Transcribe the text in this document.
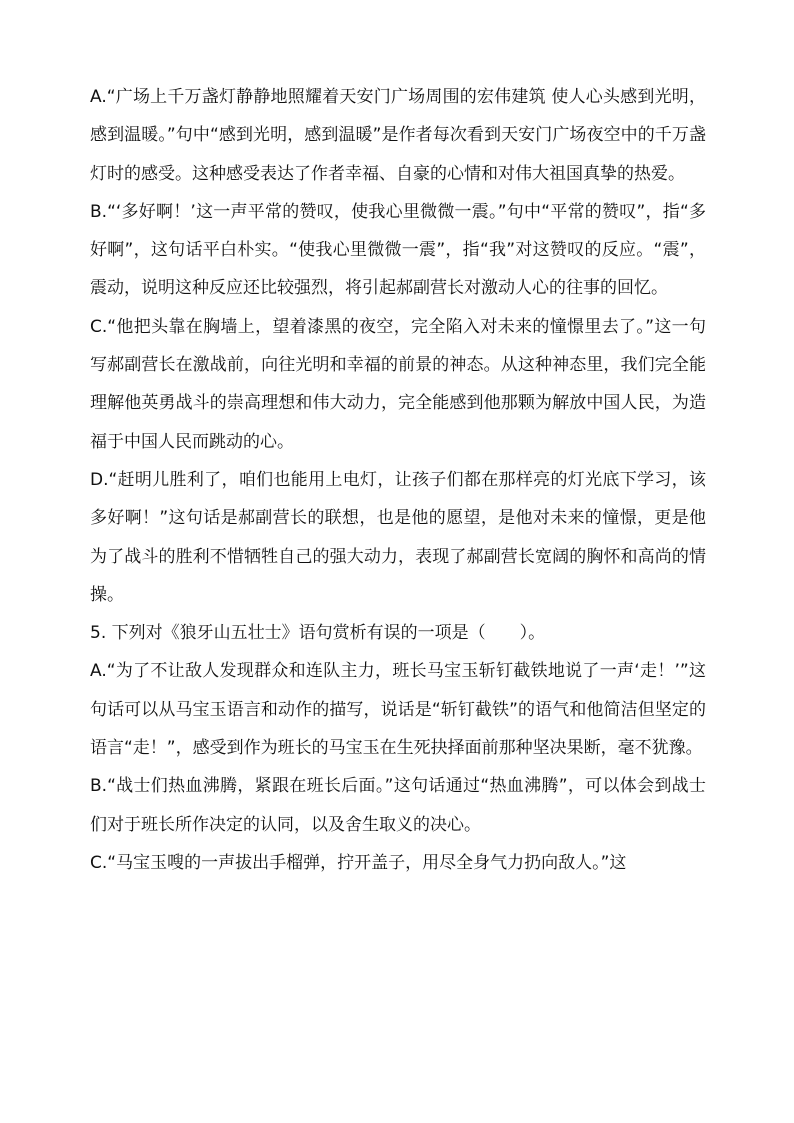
A.“广场上千万盏灯静静地照耀着天安门广场周围的宏伟建筑 使人心头感到光明，感到温暖。”句中“感到光明，感到温暖”是作者每次看到天安门广场夜空中的千万盏灯时的感受。这种感受表达了作者幸福、自豪的心情和对伟大祖国真挚的热爱。

B.“‘多好啊！’这一声平常的赞叹，使我心里微微一震。”句中“平常的赞叹”，指“多好啊”，这句话平白朴实。“使我心里微微一震”，指“我”对这赞叹的反应。“震”，震动，说明这种反应还比较强烈，将引起郝副营长对激动人心的往事的回忆。

C.“他把头靠在胸墙上，望着漆黑的夜空，完全陷入对未来的憧憬里去了。”这一句写郝副营长在激战前，向往光明和幸福的前景的神态。从这种神态里，我们完全能理解他英勇战斗的崇高理想和伟大动力，完全能感到他那颗为解放中国人民，为造福于中国人民而跳动的心。

D.“赶明儿胜利了，咱们也能用上电灯，让孩子们都在那样亮的灯光底下学习，该多好啊！”这句话是郝副营长的联想，也是他的愿望，是他对未来的憧憬，更是他为了战斗的胜利不惜牺牲自己的强大动力，表现了郝副营长宽阔的胸怀和高尚的情操。

5. 下列对《狼牙山五壮士》语句赏析有误的一项是（　　）。

A.“为了不让敌人发现群众和连队主力，班长马宝玉斩钉截铁地说了一声‘走！’”这句话可以从马宝玉语言和动作的描写，说话是“斩钉截铁”的语气和他简洁但坚定的语言“走！”，感受到作为班长的马宝玉在生死抉择面前那种坚决果断，毫不犹豫。

B.“战士们热血沸腾，紧跟在班长后面。”这句话通过“热血沸腾”，可以体会到战士们对于班长所作决定的认同，以及舍生取义的决心。

C.“马宝玉嗖的一声拔出手榴弹，拧开盖子，用尽全身气力扔向敌人。”这
